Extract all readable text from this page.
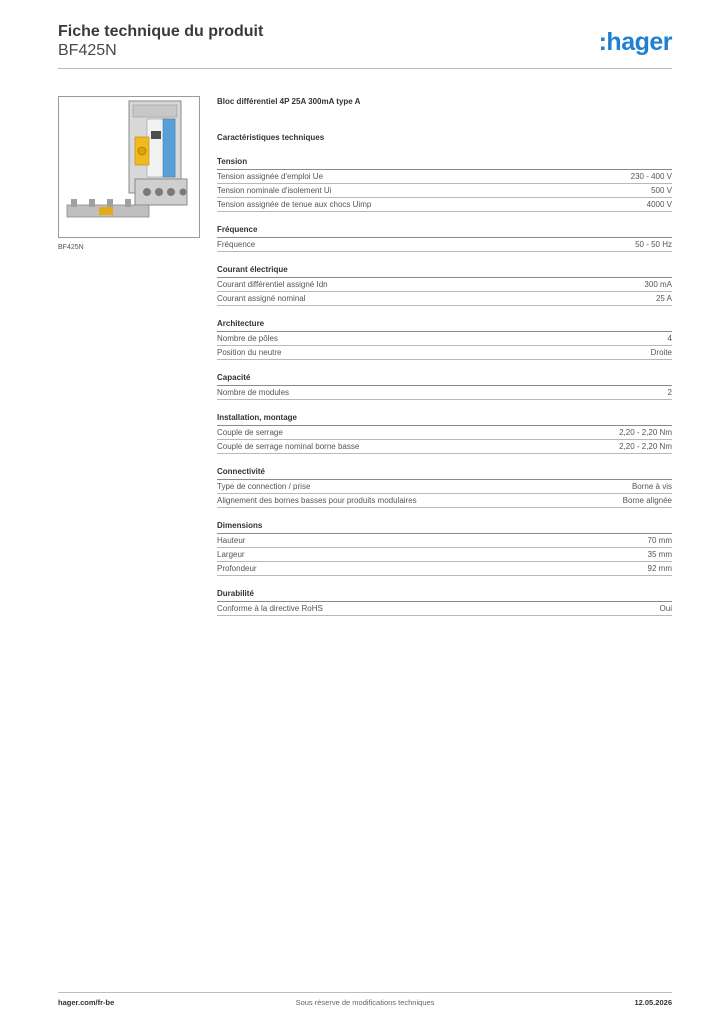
Fiche technique du produit
BF425N	:hager
BF425N
Bloc différentiel 4P 25A 300mA type A
Caractéristiques techniques
Tension
Tension assignée d'emploi Ue	230 - 400 V
Tension nominale d'isolement Ui	500 V
Tension assignée de tenue aux chocs Uimp	4000 V
Fréquence
Fréquence	50 - 50 Hz
Courant électrique
Courant différentiel assigné Idn	300 mA
Courant assigné nominal	25 A
Architecture
Nombre de pôles	4
Position du neutre	Droite
Capacité
Nombre de modules	2
Installation, montage
Couple de serrage	2,20 - 2,20 Nm
Couple de serrage nominal borne basse	2,20 - 2,20 Nm
Connectivité
Type de connection / prise	Borne à vis
Alignement des bornes basses pour produits modulaires	Borne alignée
Dimensions
Hauteur	70 mm
Largeur	35 mm
Profondeur	92 mm
Durabilité
Conforme à la directive RoHS	Oui
hager.com/fr-be	Sous réserve de modifications techniques	12.05.2026
